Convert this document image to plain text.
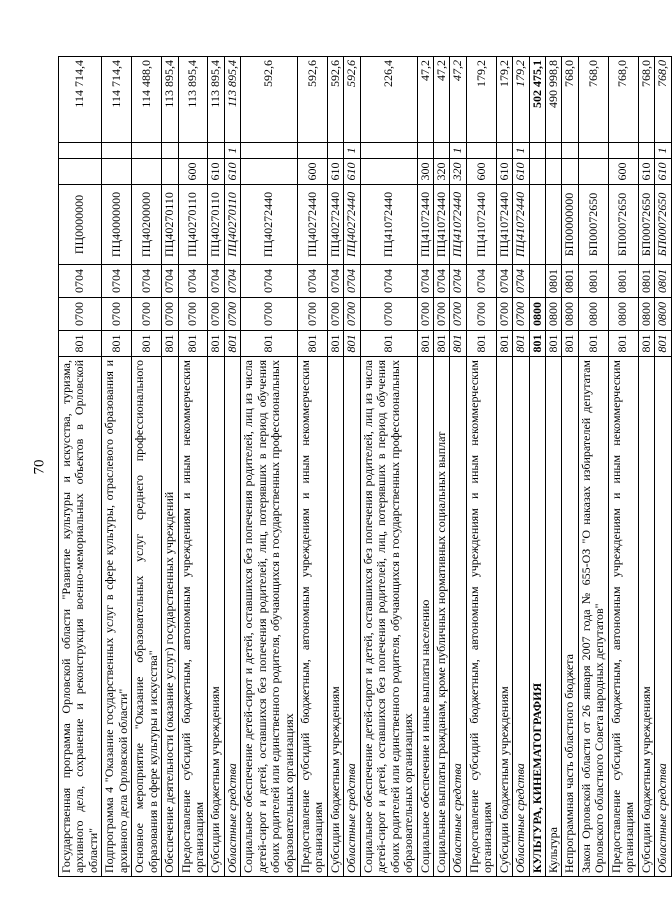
70 Государственная программа Орловской области "Развитие культуры и искусства, туризма, архивного дела, сохранение и реконструкция военно-мемориальных объектов в Орловской области"	801	0700	0704	ПЦ0000000			114 714,4
Подпрограмма 4 "Оказание государственных услуг в сфере культуры, отраслевого образования и архивного дела Орловской области"	801	0700	0704	ПЦ40000000			114 714,4
Основное мероприятие "Оказание образовательных услуг среднего профессионального образования в сфере культуры и искусства"	801	0700	0704	ПЦ40200000			114 488,0
Обеспечение деятельности (оказание услуг) государственных учреждений	801	0700	0704	ПЦ40270110			113 895,4
Предоставление субсидий бюджетным, автономным учреждениям и иным некоммерческим организациям	801	0700	0704	ПЦ40270110	600		113 895,4
Субсидии бюджетным учреждениям	801	0700	0704	ПЦ40270110	610		113 895,4
Областные средства	801	0700	0704	ПЦ40270110	610	1	113 895,4
Социальное обеспечение детей-сирот и детей, оставшихся без попечения родителей, лиц из числа детей-сирот и детей, оставшихся без попечения родителей, лиц, потерявших в период обучения обоих родителей или единственного родителя, обучающихся в государственных профессиональных образовательных организациях	801	0700	0704	ПЦ40272440			592,6
Предоставление субсидий бюджетным, автономным учреждениям и иным некоммерческим организациям	801	0700	0704	ПЦ40272440	600		592,6
Субсидии бюджетным учреждениям	801	0700	0704	ПЦ40272440	610		592,6
Областные средства	801	0700	0704	ПЦ40272440	610	1	592,6
Социальное обеспечение детей-сирот и детей, оставшихся без попечения родителей, лиц из числа детей-сирот и детей, оставшихся без попечения родителей, лиц, потерявших в период обучения обоих родителей или единственного родителя, обучающихся в государственных профессиональных образовательных организациях	801	0700	0704	ПЦ41072440			226,4
Социальное обеспечение и иные выплаты населению	801	0700	0704	ПЦ41072440	300		47,2
Социальные выплаты гражданам, кроме публичных нормативных социальных выплат	801	0700	0704	ПЦ41072440	320		47,2
Областные средства	801	0700	0704	ПЦ41072440	320	1	47,2
Предоставление субсидий бюджетным, автономным учреждениям и иным некоммерческим организациям	801	0700	0704	ПЦ41072440	600		179,2
Субсидии бюджетным учреждениям	801	0700	0704	ПЦ41072440	610		179,2
Областные средства	801	0700	0704	ПЦ41072440	610	1	179,2
КУЛЬТУРА, КИНЕМАТОГРАФИЯ	801	0800					502 475,1
Культура	801	0800	0801				490 998,8
Непрограммная часть областного бюджета	801	0800	0801	БП00000000			768,0
Закон Орловской области от 26 января 2007 года № 655-ОЗ "О наказах избирателей депутатам Орловского областного Совета народных депутатов"	801	0800	0801	БП00072650			768,0
Предоставление субсидий бюджетным, автономным учреждениям и иным некоммерческим организациям	801	0800	0801	БП00072650	600		768,0
Субсидии бюджетным учреждениям	801	0800	0801	БП00072650	610		768,0
Областные средства	801	0800	0801	БП00072650	610	1	768,0
